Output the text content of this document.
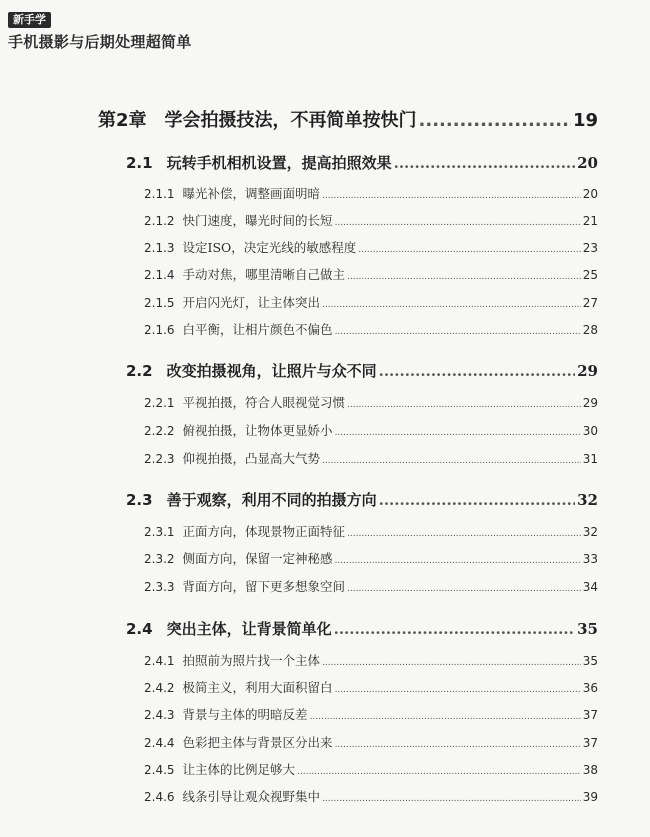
新手学
手机摄影与后期处理超简单
第2章 学会拍摄技法，不再简单按快门 .....	19
2.1 玩转手机相机设置，提高拍照效果 .....	20
2.1.1 曝光补偿，调整画面明暗 .....	20
2.1.2 快门速度，曝光时间的长短 .....	21
2.1.3 设定ISO，决定光线的敏感程度 .....	23
2.1.4 手动对焦，哪里清晰自己做主 .....	25
2.1.5 开启闪光灯，让主体突出 .....	27
2.1.6 白平衡，让相片颜色不偏色 .....	28
2.2 改变拍摄视角，让照片与众不同 .....	29
2.2.1 平视拍摄，符合人眼视觉习惯 .....	29
2.2.2 俯视拍摄，让物体更显娇小 .....	30
2.2.3 仰视拍摄，凸显高大气势 .....	31
2.3 善于观察，利用不同的拍摄方向 .....	32
2.3.1 正面方向，体现景物正面特征 .....	32
2.3.2 侧面方向，保留一定神秘感 .....	33
2.3.3 背面方向，留下更多想象空间 .....	34
2.4 突出主体，让背景简单化 .....	35
2.4.1 拍照前为照片找一个主体 .....	35
2.4.2 极简主义，利用大面积留白 .....	36
2.4.3 背景与主体的明暗反差 .....	37
2.4.4 色彩把主体与背景区分出来 .....	37
2.4.5 让主体的比例足够大 .....	38
2.4.6 线条引导让观众视野集中 .....	39
